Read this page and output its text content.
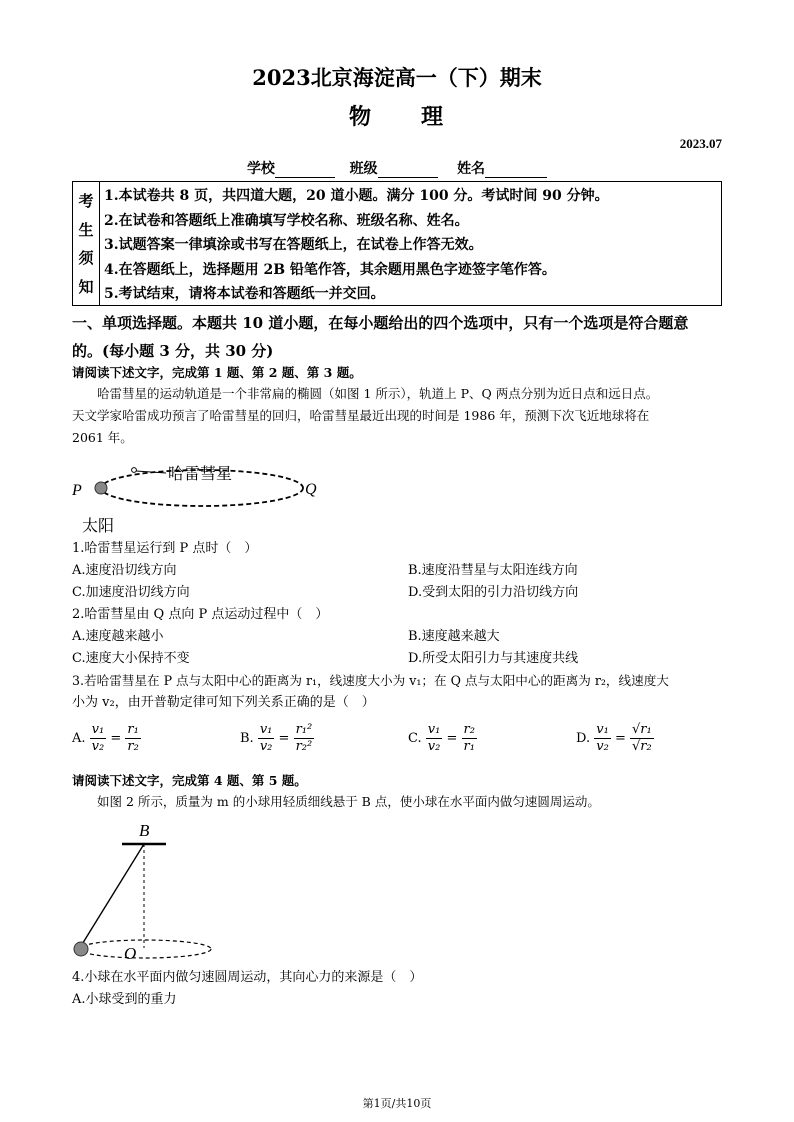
2023北京海淀高一（下）期末
物　　理
2023.07
学校	班级	姓名
考
生
须
知
1.本试卷共 8 页，共四道大题，20 道小题。满分 100 分。考试时间 90 分钟。
2.在试卷和答题纸上准确填写学校名称、班级名称、姓名。
3.试题答案一律填涂或书写在答题纸上，在试卷上作答无效。
4.在答题纸上，选择题用 2B 铅笔作答，其余题用黑色字迹签字笔作答。
5.考试结束，请将本试卷和答题纸一并交回。
一、单项选择题。本题共 10 道小题，在每小题给出的四个选项中，只有一个选项是符合题意
的。(每小题 3 分，共 30 分)
请阅读下述文字，完成第 1 题、第 2 题、第 3 题。
哈雷彗星的运动轨道是一个非常扁的椭圆（如图 1 所示），轨道上 P、Q 两点分别为近日点和远日点。
天文学家哈雷成功预言了哈雷彗星的回归，哈雷彗星最近出现的时间是 1986 年，预测下次飞近地球将在
2061 年。
哈雷彗星
P	Q
太阳
1.哈雷彗星运行到 P 点时（　）
A.速度沿切线方向	B.速度沿彗星与太阳连线方向
C.加速度沿切线方向	D.受到太阳的引力沿切线方向
2.哈雷彗星由 Q 点向 P 点运动过程中（　）
A.速度越来越小	B.速度越来越大
C.速度大小保持不变	D.所受太阳引力与其速度共线
3.若哈雷彗星在 P 点与太阳中心的距离为 r₁，线速度大小为 v₁；在 Q 点与太阳中心的距离为 r₂，线速度大
小为 v₂，由开普勒定律可知下列关系正确的是（　）
A. $\frac{\text{v₁}}{\text{v₂}} = \frac{\text{r₁}}{\text{r₂}}$	B. $\frac{\text{v₁}}{\text{v₂}} = \frac{\text{r₁²}}{\text{r₂²}}$	C. $\frac{\text{v₁}}{\text{v₂}} = \frac{\text{r₂}}{\text{r₁}}$	D. $\frac{\text{v₁}}{\text{v₂}} = \frac{\text{√r₁}}{\text{√r₂}}$
请阅读下述文字，完成第 4 题、第 5 题。
如图 2 所示，质量为 m 的小球用轻质细线悬于 B 点，使小球在水平面内做匀速圆周运动。
B
O
4.小球在水平面内做匀速圆周运动，其向心力的来源是（　）
A.小球受到的重力
第1页/共10页
